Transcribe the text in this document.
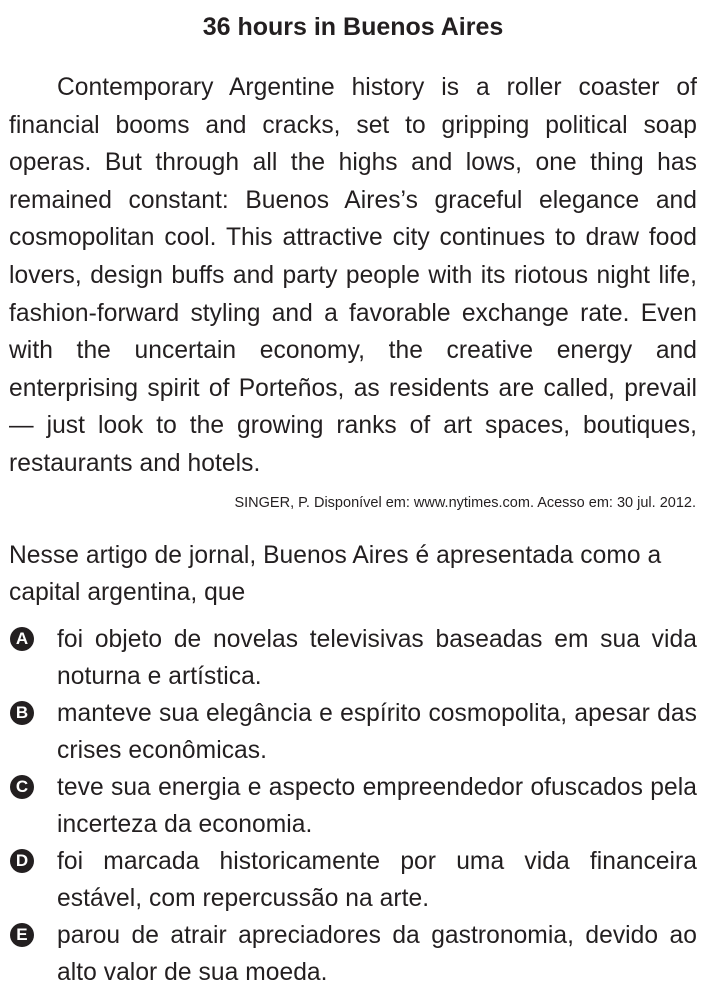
36 hours in Buenos Aires

Contemporary Argentine history is a roller coaster of financial booms and cracks, set to gripping political soap operas. But through all the highs and lows, one thing has remained constant: Buenos Aires’s graceful elegance and cosmopolitan cool. This attractive city continues to draw food lovers, design buffs and party people with its riotous night life, fashion-forward styling and a favorable exchange rate. Even with the uncertain economy, the creative energy and enterprising spirit of Porteños, as residents are called, prevail — just look to the growing ranks of art spaces, boutiques, restaurants and hotels.

SINGER, P. Disponível em: www.nytimes.com. Acesso em: 30 jul. 2012.

Nesse artigo de jornal, Buenos Aires é apresentada como a capital argentina, que

A foi objeto de novelas televisivas baseadas em sua vida noturna e artística.
B manteve sua elegância e espírito cosmopolita, apesar das crises econômicas.
C teve sua energia e aspecto empreendedor ofuscados pela incerteza da economia.
D foi marcada historicamente por uma vida financeira estável, com repercussão na arte.
E parou de atrair apreciadores da gastronomia, devido ao alto valor de sua moeda.
